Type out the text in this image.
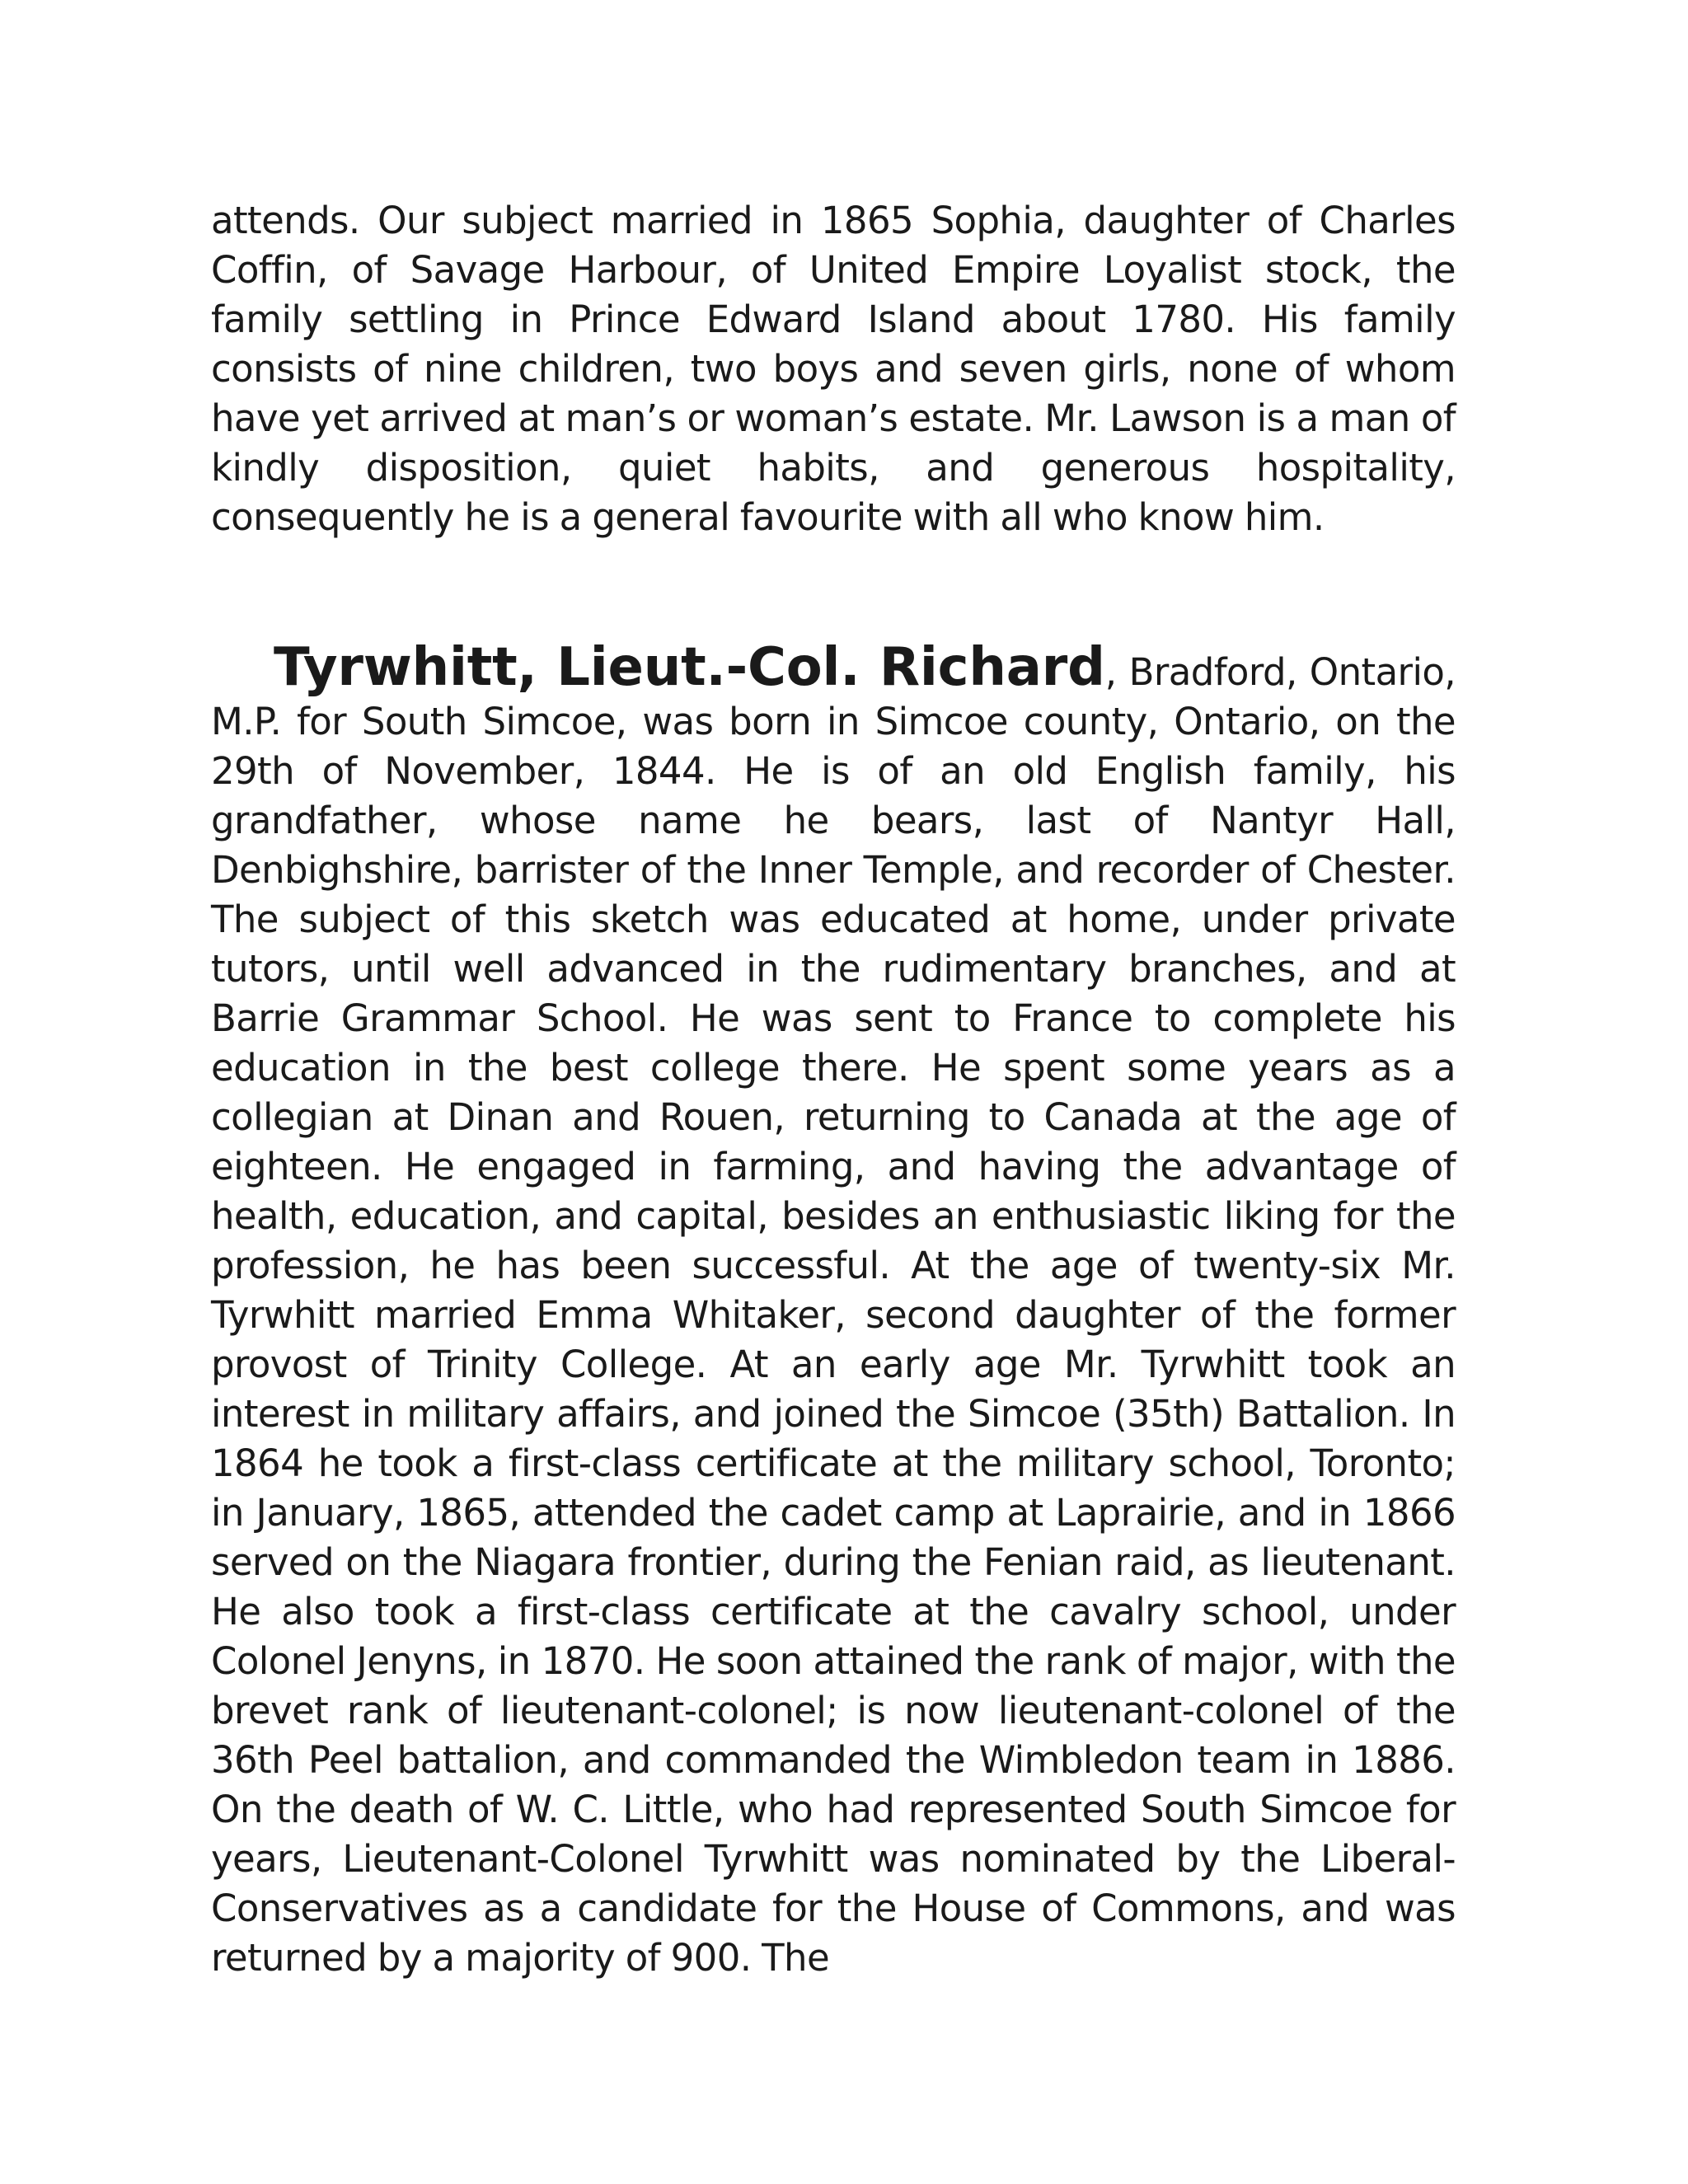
attends. Our subject married in 1865 Sophia, daughter of Charles Coffin, of Savage Harbour, of United Empire Loyalist stock, the family settling in Prince Edward Island about 1780. His family consists of nine children, two boys and seven girls, none of whom have yet arrived at man’s or woman’s estate. Mr. Lawson is a man of kindly disposition, quiet habits, and generous hospitality, consequently he is a general favourite with all who know him.

Tyrwhitt, Lieut.-Col. Richard, Bradford, Ontario, M.P. for South Simcoe, was born in Simcoe county, Ontario, on the 29th of November, 1844. He is of an old English family, his grandfather, whose name he bears, last of Nantyr Hall, Denbighshire, barrister of the Inner Temple, and recorder of Chester. The subject of this sketch was educated at home, under private tutors, until well advanced in the rudimentary branches, and at Barrie Grammar School. He was sent to France to complete his education in the best college there. He spent some years as a collegian at Dinan and Rouen, returning to Canada at the age of eighteen. He engaged in farming, and having the advantage of health, education, and capital, besides an enthusiastic liking for the profession, he has been successful. At the age of twenty-six Mr. Tyrwhitt married Emma Whitaker, second daughter of the former provost of Trinity College. At an early age Mr. Tyrwhitt took an interest in military affairs, and joined the Simcoe (35th) Battalion. In 1864 he took a first-class certificate at the military school, Toronto; in January, 1865, attended the cadet camp at Laprairie, and in 1866 served on the Niagara frontier, during the Fenian raid, as lieutenant. He also took a first-class certificate at the cavalry school, under Colonel Jenyns, in 1870. He soon attained the rank of major, with the brevet rank of lieutenant-colonel; is now lieutenant-colonel of the 36th Peel battalion, and commanded the Wimbledon team in 1886. On the death of W. C. Little, who had represented South Simcoe for years, Lieutenant-Colonel Tyrwhitt was nominated by the Liberal-Conservatives as a candidate for the House of Commons, and was returned by a majority of 900. The
